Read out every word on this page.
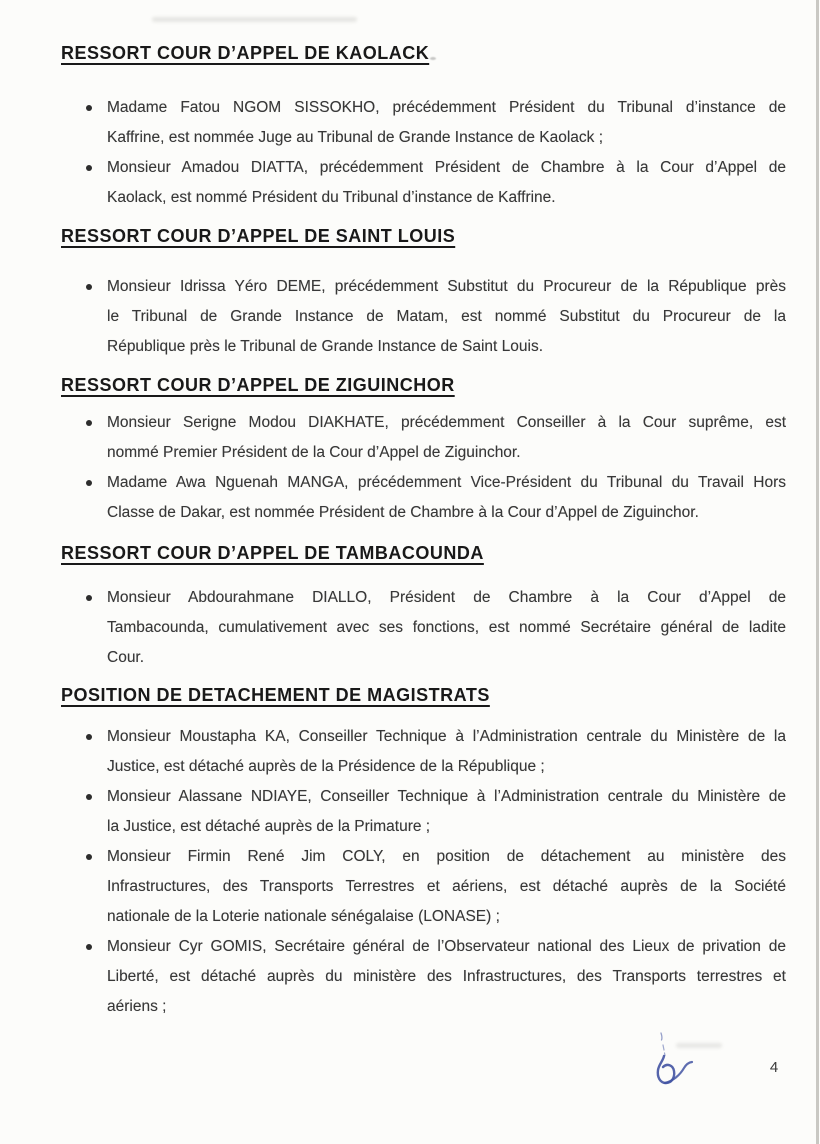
RESSORT COUR D’APPEL DE KAOLACK
Madame Fatou NGOM SISSOKHO, précédemment Président du Tribunal d’instance de
Kaffrine, est nommée Juge au Tribunal de Grande Instance de Kaolack ;
Monsieur Amadou DIATTA, précédemment Président de Chambre à la Cour d’Appel de
Kaolack, est nommé Président du Tribunal d’instance de Kaffrine.
RESSORT COUR D’APPEL DE SAINT LOUIS
Monsieur Idrissa Yéro DEME, précédemment Substitut du Procureur de la République près
le Tribunal de Grande Instance de Matam, est nommé Substitut du Procureur de la
République près le Tribunal de Grande Instance de Saint Louis.
RESSORT COUR D’APPEL DE ZIGUINCHOR
Monsieur Serigne Modou DIAKHATE, précédemment Conseiller à la Cour suprême, est
nommé Premier Président de la Cour d’Appel de Ziguinchor.
Madame Awa Nguenah MANGA, précédemment Vice-Président du Tribunal du Travail Hors
Classe de Dakar, est nommée Président de Chambre à la Cour d’Appel de Ziguinchor.
RESSORT COUR D’APPEL DE TAMBACOUNDA
Monsieur Abdourahmane DIALLO, Président de Chambre à la Cour d’Appel de
Tambacounda, cumulativement avec ses fonctions, est nommé Secrétaire général de ladite
Cour.
POSITION DE DETACHEMENT DE MAGISTRATS
Monsieur Moustapha KA, Conseiller Technique à l’Administration centrale du Ministère de la
Justice, est détaché auprès de la Présidence de la République ;
Monsieur Alassane NDIAYE, Conseiller Technique à l’Administration centrale du Ministère de
la Justice, est détaché auprès de la Primature ;
Monsieur Firmin René Jim COLY, en position de détachement au ministère des
Infrastructures, des Transports Terrestres et aériens, est détaché auprès de la Société
nationale de la Loterie nationale sénégalaise (LONASE) ;
Monsieur Cyr GOMIS, Secrétaire général de l’Observateur national des Lieux de privation de
Liberté, est détaché auprès du ministère des Infrastructures, des Transports terrestres et
aériens ;
4
